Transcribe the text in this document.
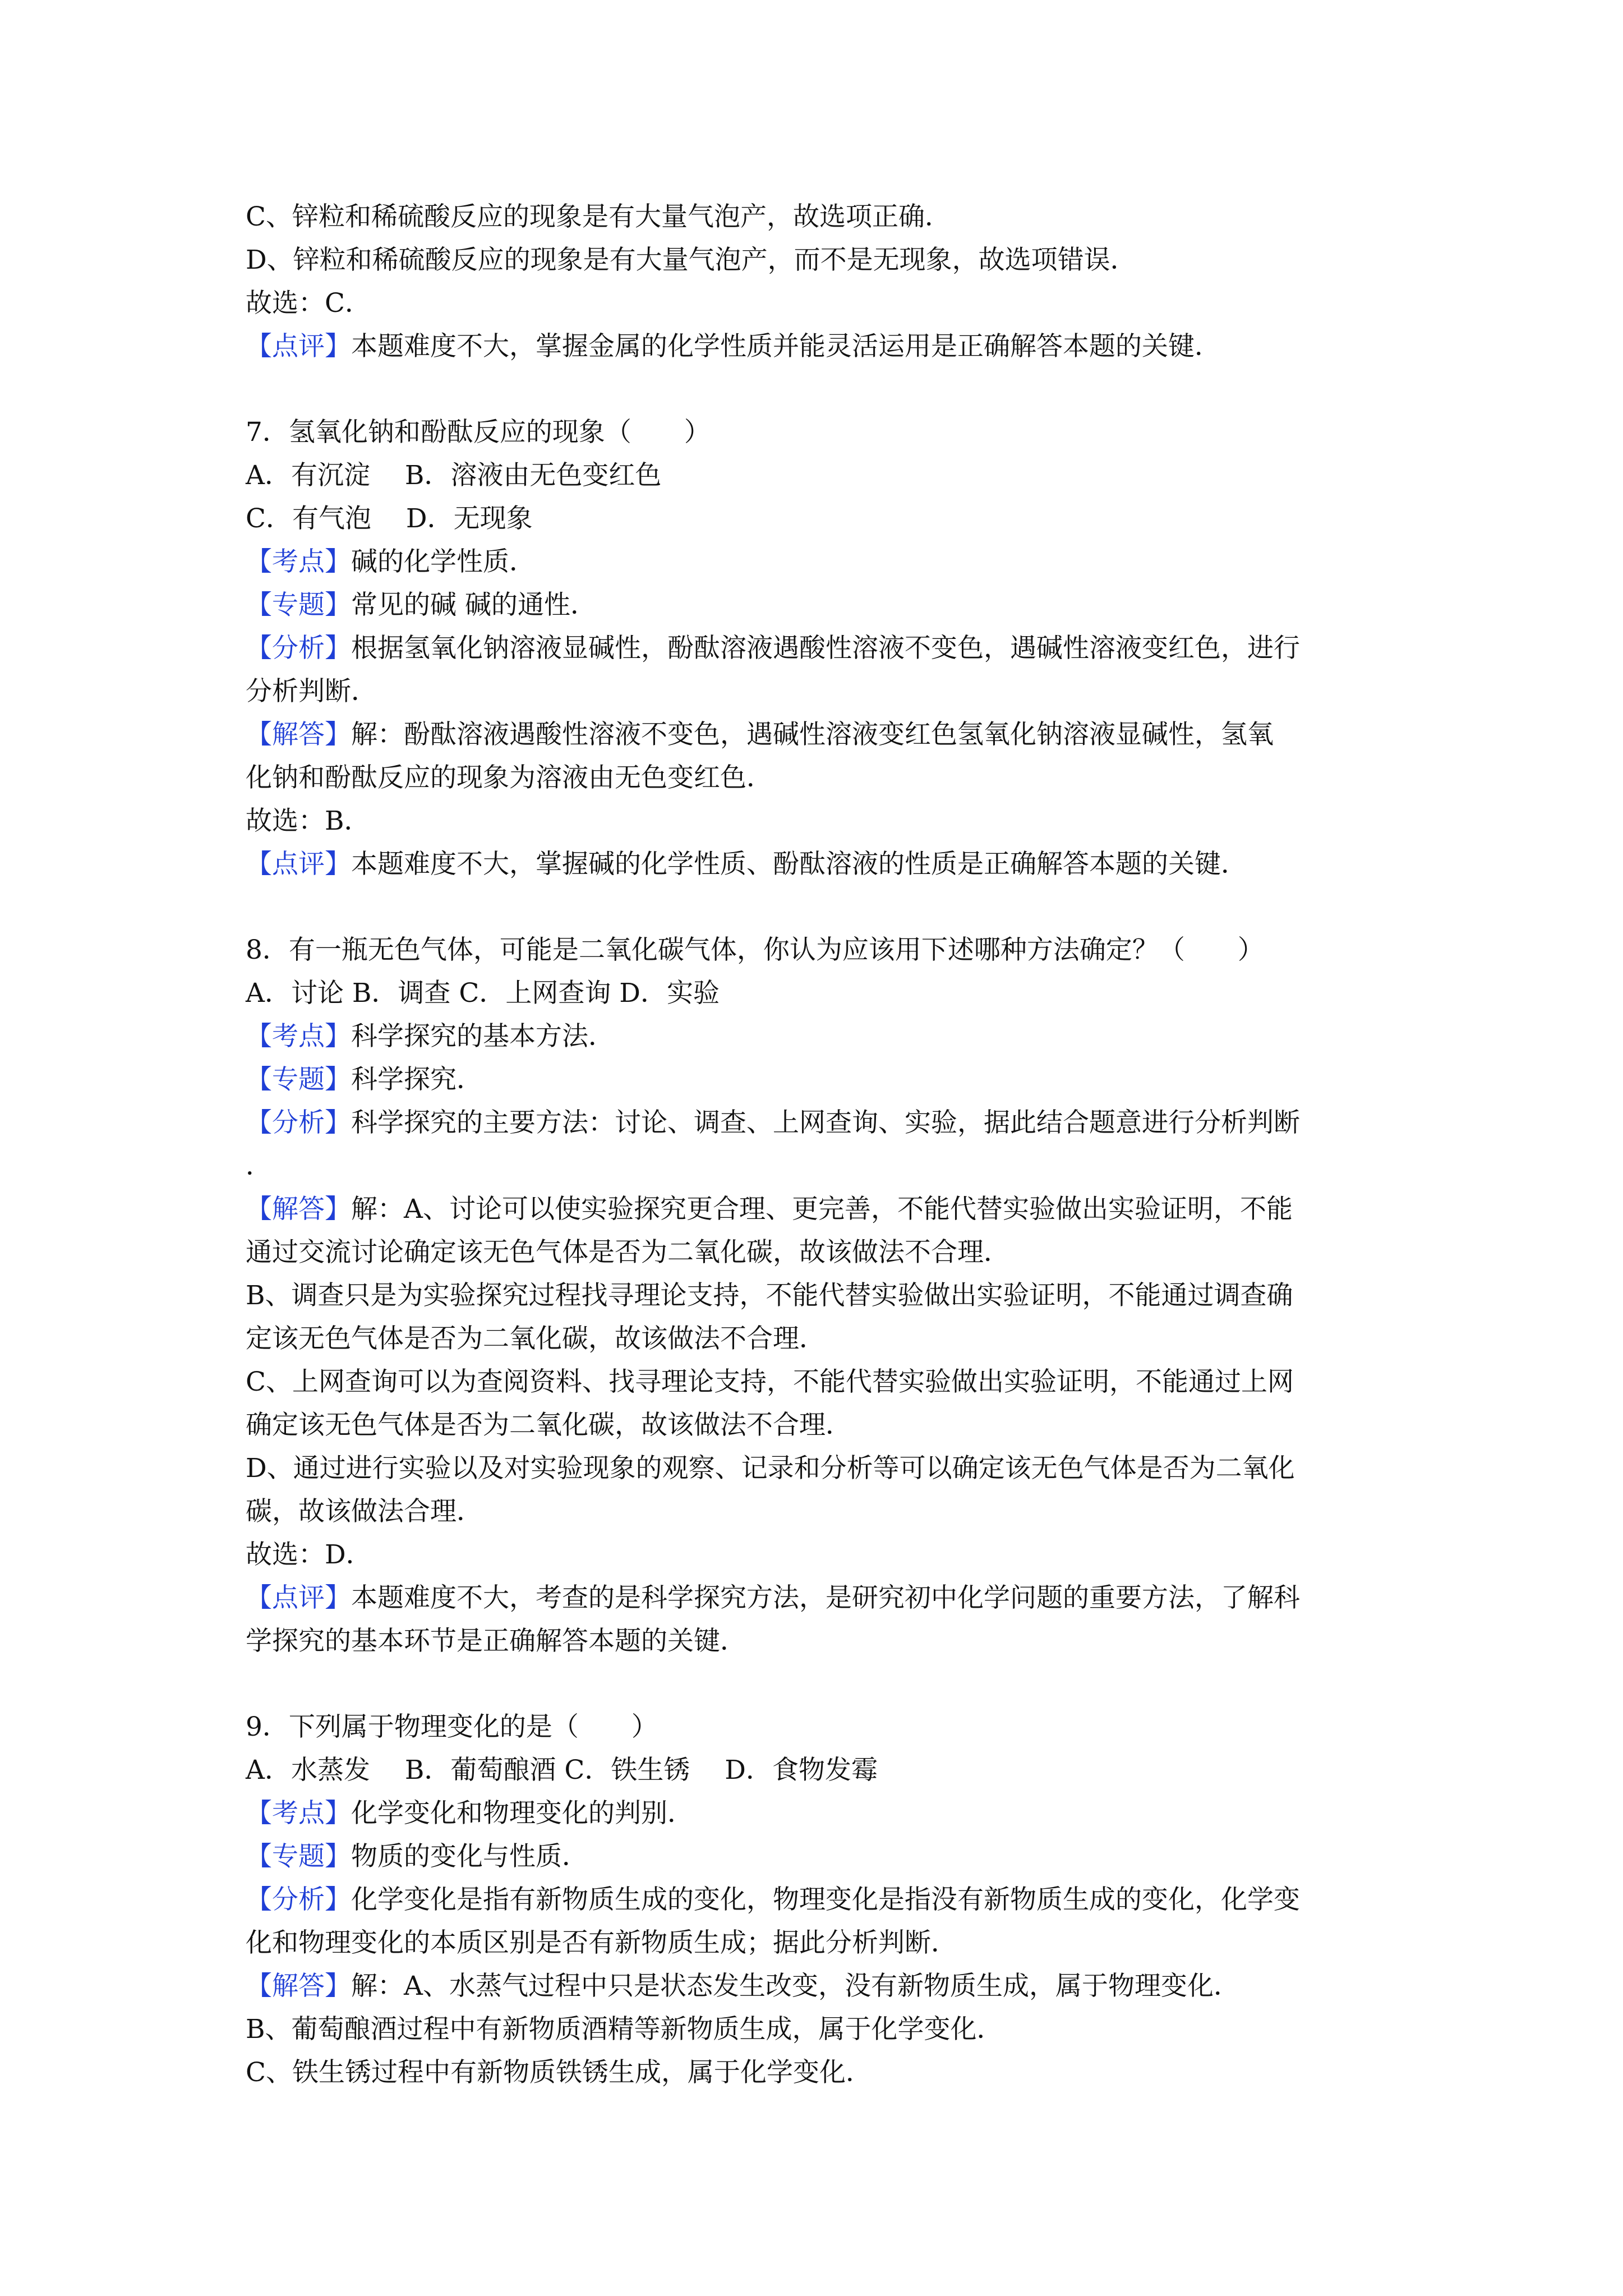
C、锌粒和稀硫酸反应的现象是有大量气泡产，故选项正确．
D、锌粒和稀硫酸反应的现象是有大量气泡产，而不是无现象，故选项错误．
故选：C．
【点评】本题难度不大，掌握金属的化学性质并能灵活运用是正确解答本题的关键．
7．氢氧化钠和酚酞反应的现象（　　）
A．有沉淀　 B．溶液由无色变红色
C．有气泡　 D．无现象
【考点】碱的化学性质．
【专题】常见的碱 碱的通性．
【分析】根据氢氧化钠溶液显碱性，酚酞溶液遇酸性溶液不变色，遇碱性溶液变红色，进行
分析判断．
【解答】解：酚酞溶液遇酸性溶液不变色，遇碱性溶液变红色氢氧化钠溶液显碱性，氢氧
化钠和酚酞反应的现象为溶液由无色变红色．
故选：B．
【点评】本题难度不大，掌握碱的化学性质、酚酞溶液的性质是正确解答本题的关键．
8．有一瓶无色气体，可能是二氧化碳气体，你认为应该用下述哪种方法确定？（　　）
A．讨论 B．调查 C．上网查询 D．实验
【考点】科学探究的基本方法．
【专题】科学探究．
【分析】科学探究的主要方法：讨论、调查、上网查询、实验，据此结合题意进行分析判断
．
【解答】解：A、讨论可以使实验探究更合理、更完善，不能代替实验做出实验证明，不能
通过交流讨论确定该无色气体是否为二氧化碳，故该做法不合理．
B、调查只是为实验探究过程找寻理论支持，不能代替实验做出实验证明，不能通过调查确
定该无色气体是否为二氧化碳，故该做法不合理．
C、上网查询可以为查阅资料、找寻理论支持，不能代替实验做出实验证明，不能通过上网
确定该无色气体是否为二氧化碳，故该做法不合理．
D、通过进行实验以及对实验现象的观察、记录和分析等可以确定该无色气体是否为二氧化
碳，故该做法合理．
故选：D．
【点评】本题难度不大，考查的是科学探究方法，是研究初中化学问题的重要方法，了解科
学探究的基本环节是正确解答本题的关键．
9．下列属于物理变化的是（　　）
A．水蒸发　 B．葡萄酿酒 C．铁生锈　 D．食物发霉
【考点】化学变化和物理变化的判别．
【专题】物质的变化与性质．
【分析】化学变化是指有新物质生成的变化，物理变化是指没有新物质生成的变化，化学变
化和物理变化的本质区别是否有新物质生成；据此分析判断．
【解答】解：A、水蒸气过程中只是状态发生改变，没有新物质生成，属于物理变化．
B、葡萄酿酒过程中有新物质酒精等新物质生成，属于化学变化．
C、铁生锈过程中有新物质铁锈生成，属于化学变化．
